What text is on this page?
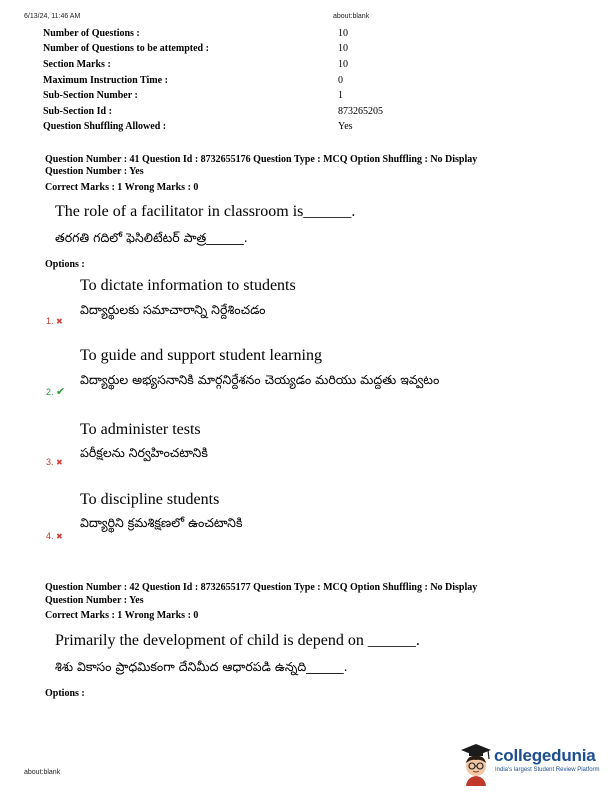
6/13/24, 11:46 AM	about:blank
Number of Questions :	10
Number of Questions to be attempted :	10
Section Marks :	10
Maximum Instruction Time :	0
Sub-Section Number :	1
Sub-Section Id :	873265205
Question Shuffling Allowed :	Yes
Question Number : 41 Question Id : 8732655176 Question Type : MCQ Option Shuffling : No Display
Question Number : Yes
Correct Marks : 1 Wrong Marks : 0
The role of a facilitator in classroom is______.
తరగతి గదిలో ఫెసిలిటేటర్ పాత్ర______.
Options :
To dictate information to students
విద్యార్థులకు సమాచారాన్ని నిర్దేశించడం
1. ✖
To guide and support student learning
విద్యార్థుల అభ్యసనానికి మార్గనిర్దేశనం చెయ్యడం మరియు మద్దతు ఇవ్వటం
2. ✔
To administer tests
పరీక్షలను నిర్వహించటానికి
3. ✖
To discipline students
విద్యార్థిని క్రమశిక్షణలో ఉంచటానికి
4. ✖
Question Number : 42 Question Id : 8732655177 Question Type : MCQ Option Shuffling : No Display
Question Number : Yes
Correct Marks : 1 Wrong Marks : 0
Primarily the development of child is depend on ______.
శిశు వికాసం ప్రాధమికంగా దేనిమీద ఆధారపడి ఉన్నది______.
Options :
about:blank
collegedunia
India's largest Student Review Platform
